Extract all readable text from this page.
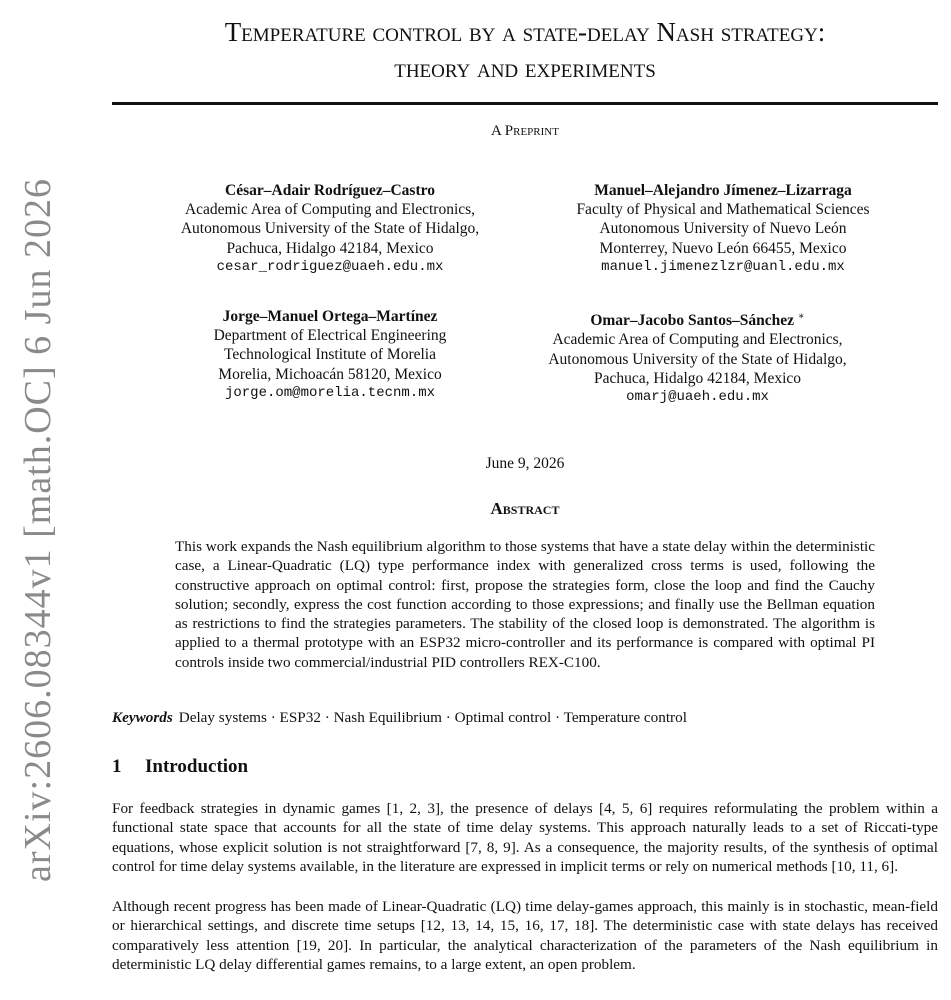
arXiv:2606.08344v1 [math.OC] 6 Jun 2026
Temperature control by a state-delay Nash strategy:
theory and experiments
A Preprint
César–Adair Rodríguez–Castro
Academic Area of Computing and Electronics,
Autonomous University of the State of Hidalgo,
Pachuca, Hidalgo 42184, Mexico
cesar_rodriguez@uaeh.edu.mx
Manuel–Alejandro Jímenez–Lizarraga
Faculty of Physical and Mathematical Sciences
Autonomous University of Nuevo León
Monterrey, Nuevo León 66455, Mexico
manuel.jimenezlzr@uanl.edu.mx
Jorge–Manuel Ortega–Martínez
Department of Electrical Engineering
Technological Institute of Morelia
Morelia, Michoacán 58120, Mexico
jorge.om@morelia.tecnm.mx
Omar–Jacobo Santos–Sánchez ∗
Academic Area of Computing and Electronics,
Autonomous University of the State of Hidalgo,
Pachuca, Hidalgo 42184, Mexico
omarj@uaeh.edu.mx
June 9, 2026
Abstract
This work expands the Nash equilibrium algorithm to those systems that have a state delay within the deterministic case, a Linear-Quadratic (LQ) type performance index with generalized cross terms is used, following the constructive approach on optimal control: first, propose the strategies form, close the loop and find the Cauchy solution; secondly, express the cost function according to those expressions; and finally use the Bellman equation as restrictions to find the strategies parameters. The stability of the closed loop is demonstrated. The algorithm is applied to a thermal prototype with an ESP32 micro-controller and its performance is compared with optimal PI controls inside two commercial/industrial PID controllers REX-C100.
Keywords Delay systems · ESP32 · Nash Equilibrium · Optimal control · Temperature control
1 Introduction
For feedback strategies in dynamic games [1, 2, 3], the presence of delays [4, 5, 6] requires reformulating the problem within a functional state space that accounts for all the state of time delay systems. This approach naturally leads to a set of Riccati-type equations, whose explicit solution is not straightforward [7, 8, 9]. As a consequence, the majority results, of the synthesis of optimal control for time delay systems available, in the literature are expressed in implicit terms or rely on numerical methods [10, 11, 6].
Although recent progress has been made of Linear-Quadratic (LQ) time delay-games approach, this mainly is in stochastic, mean-field or hierarchical settings, and discrete time setups [12, 13, 14, 15, 16, 17, 18]. The deterministic case with state delays has received comparatively less attention [19, 20]. In particular, the analytical characterization of the parameters of the Nash equilibrium in deterministic LQ delay differential games remains, to a large extent, an open problem.
